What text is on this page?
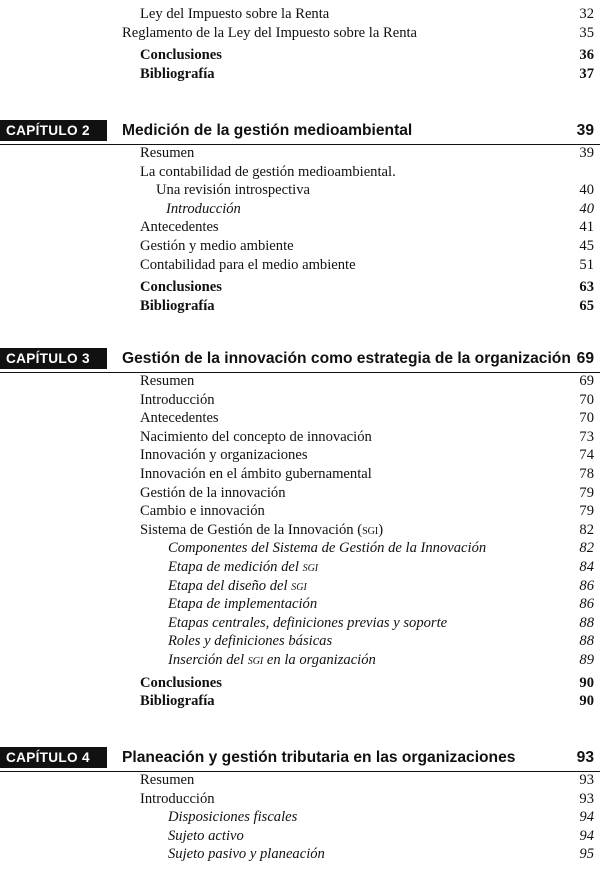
Ley del Impuesto sobre la Renta	32
Reglamento de la Ley del Impuesto sobre la Renta	35
Conclusiones	36
Bibliografía	37
CAPÍTULO 2	Medición de la gestión medioambiental	39
Resumen	39
La contabilidad de gestión medioambiental.
Una revisión introspectiva	40
Introducción	40
Antecedentes	41
Gestión y medio ambiente	45
Contabilidad para el medio ambiente	51
Conclusiones	63
Bibliografía	65
CAPÍTULO 3	Gestión de la innovación como estrategia de la organización 69
Resumen	69
Introducción	70
Antecedentes	70
Nacimiento del concepto de innovación	73
Innovación y organizaciones	74
Innovación en el ámbito gubernamental	78
Gestión de la innovación	79
Cambio e innovación	79
Sistema de Gestión de la Innovación (sgi)	82
Componentes del Sistema de Gestión de la Innovación	82
Etapa de medición del sgi	84
Etapa del diseño del sgi	86
Etapa de implementación	86
Etapas centrales, definiciones previas y soporte	88
Roles y definiciones básicas	88
Inserción del sgi en la organización	89
Conclusiones	90
Bibliografía	90
CAPÍTULO 4	Planeación y gestión tributaria en las organizaciones	93
Resumen	93
Introducción	93
Disposiciones fiscales	94
Sujeto activo	94
Sujeto pasivo y planeación	95
